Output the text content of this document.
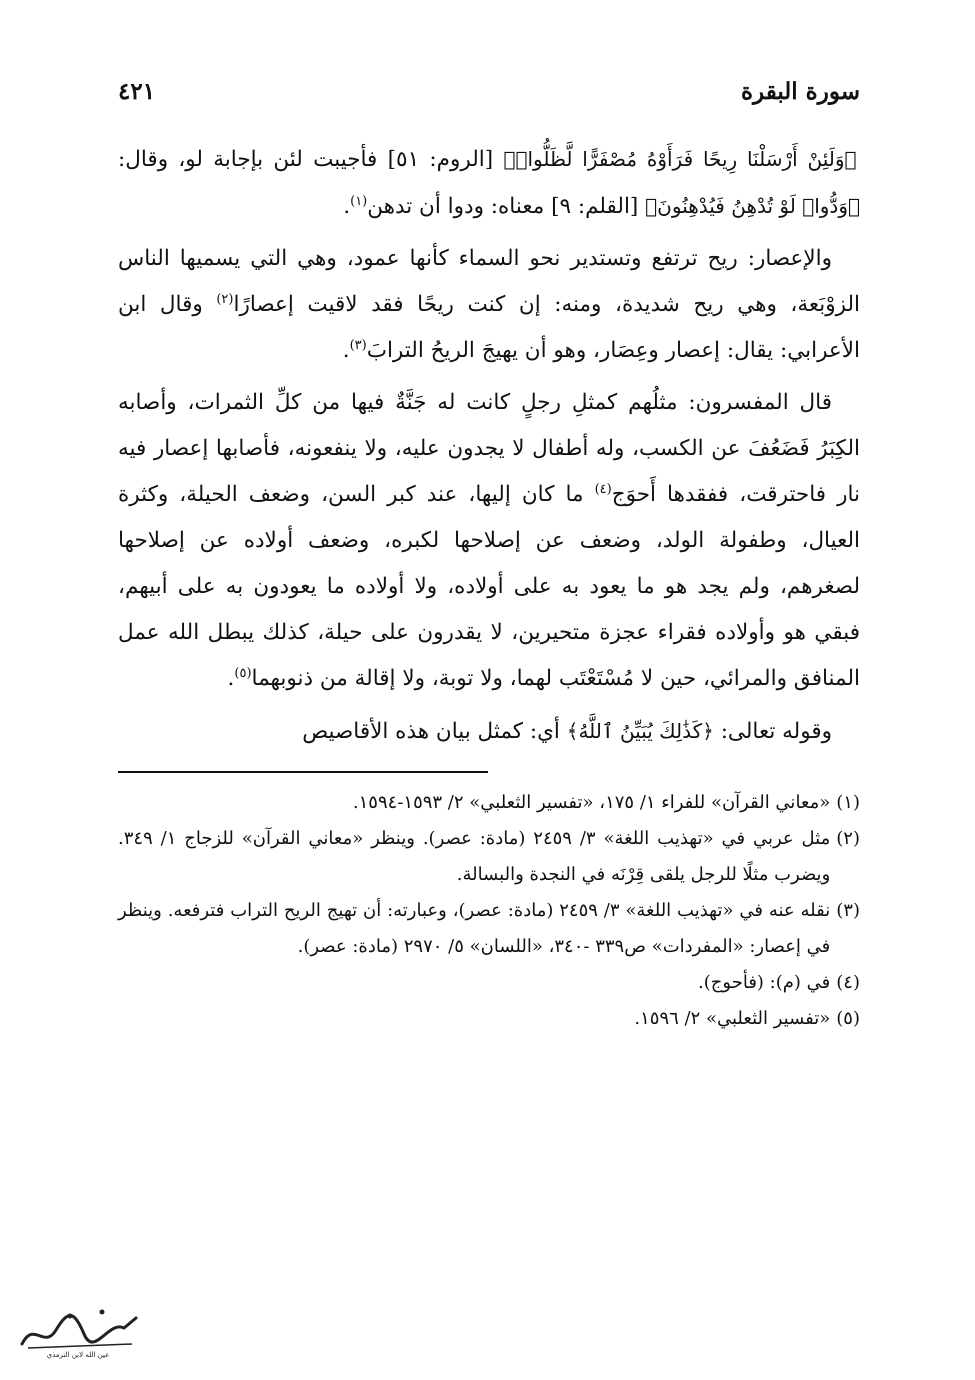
سورة البقرة
٤٢١

﴿وَلَئِنْ أَرْسَلْنَا رِيحًا فَرَأَوْهُ مُصْفَرًّا لَّظَلُّوا۟﴾ [الروم: ٥١] فأجيبت لئن بإجابة لو، وقال: ﴿وَدُّوا۟ لَوْ تُدْهِنُ فَيُدْهِنُونَ﴾ [القلم: ٩] معناه: ودوا أن تدهن$^{(١)}$.

والإعصار: ريح ترتفع وتستدير نحو السماء كأنها عمود، وهي التي يسميها الناس الزوْبَعة، وهي ريح شديدة، ومنه: إن كنت ريحًا فقد لاقيت إعصارًا$^{(٢)}$ وقال ابن الأعرابي: يقال: إعصار وعِصَار، وهو أن يهيجَ الريحُ الترابَ$^{(٣)}$.

قال المفسرون: مثلُهم كمثلِ رجلٍ كانت له جَنَّةٌ فيها من كلِّ الثمرات، وأصابه الكِبَرُ فَضَعُفَ عن الكسب، وله أطفال لا يجدون عليه، ولا ينفعونه، فأصابها إعصار فيه نار فاحترقت، ففقدها أَحوَج$^{(٤)}$ ما كان إليها، عند كبر السن، وضعف الحيلة، وكثرة العيال، وطفولة الولد، وضعف عن إصلاحها لكبره، وضعف أولاده عن إصلاحها لصغرهم، ولم يجد هو ما يعود به على أولاده، ولا أولاده ما يعودون به على أبيهم، فبقي هو وأولاده فقراء عجزة متحيرين، لا يقدرون على حيلة، كذلك يبطل الله عمل المنافق والمرائي، حين لا مُسْتَعْتَب لهما، ولا توبة، ولا إقالة من ذنوبهما$^{(٥)}$.

وقوله تعالى: ﴿كَذَٰلِكَ يُبَيِّنُ ٱللَّهُ﴾ أي: كمثل بيان هذه الأقاصيص

(١)
«معاني القرآن» للفراء ١/ ١٧٥، «تفسير الثعلبي» ٢/ ١٥٩٣-١٥٩٤.
(٢)
مثل عربي في «تهذيب اللغة» ٣/ ٢٤٥٩ (مادة: عصر). وينظر «معاني القرآن» للزجاج ١/ ٣٤٩. ويضرب مثلًا للرجل يلقى قِرْنَه في النجدة والبسالة.
(٣)
نقله عنه في «تهذيب اللغة» ٣/ ٢٤٥٩ (مادة: عصر)، وعبارته: أن تهيج الريح التراب فترفعه. وينظر في إعصار: «المفردات» ص٣٣٩ -٣٤٠، «اللسان» ٥/ ٢٩٧٠ (مادة: عصر).
(٤)
في (م): (فأحوج).
(٥)
«تفسير الثعلبي» ٢/ ١٥٩٦.
عين الله لابن الترمذي
